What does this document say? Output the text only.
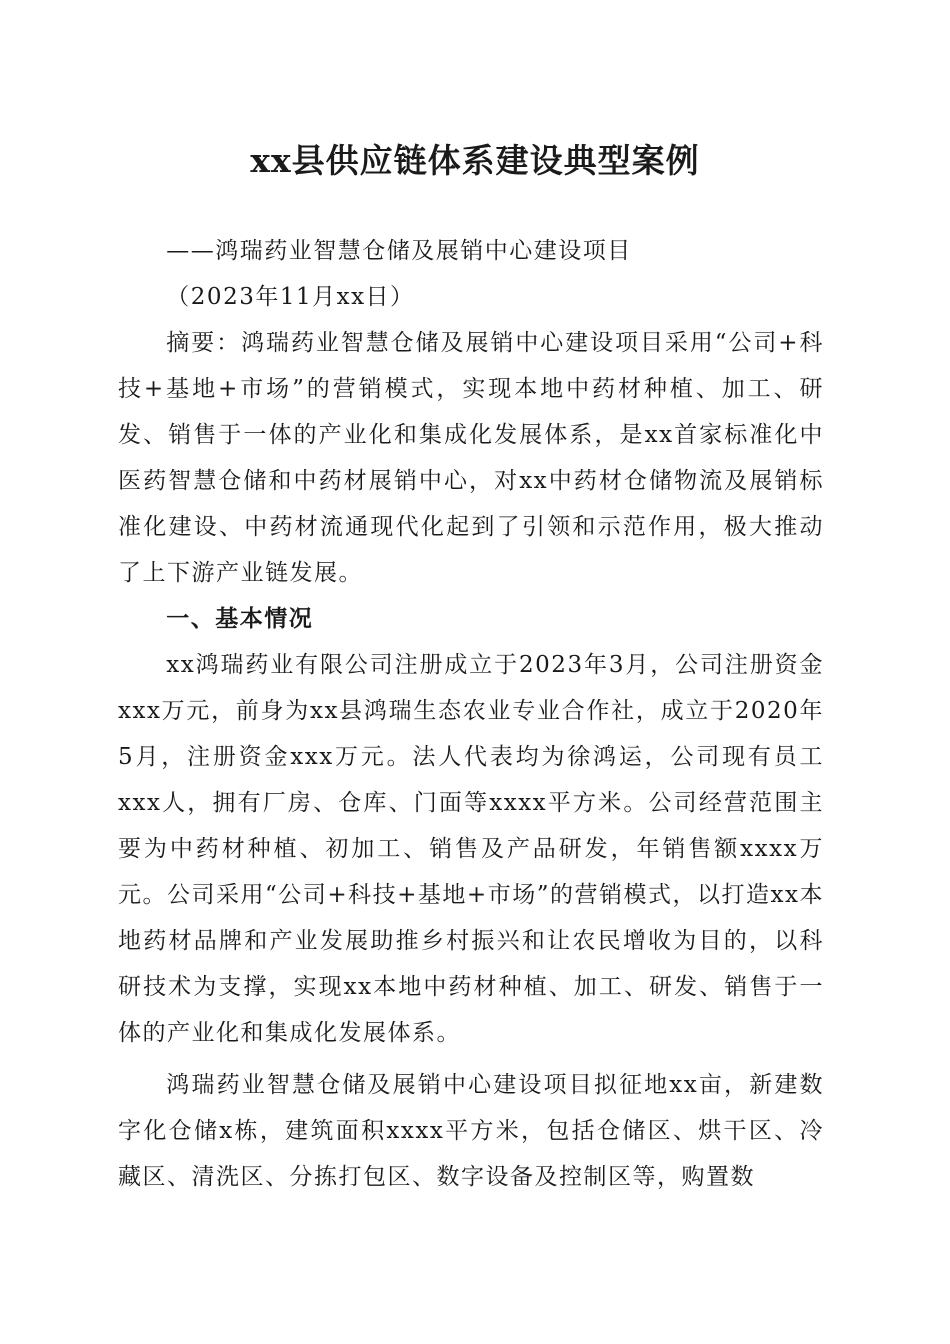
xx县供应链体系建设典型案例

——鸿瑞药业智慧仓储及展销中心建设项目

（2023年11月xx日）

摘要：鸿瑞药业智慧仓储及展销中心建设项目采用“公司+科技+基地+市场”的营销模式，实现本地中药材种植、加工、研发、销售于一体的产业化和集成化发展体系，是xx首家标准化中医药智慧仓储和中药材展销中心，对xx中药材仓储物流及展销标准化建设、中药材流通现代化起到了引领和示范作用，极大推动了上下游产业链发展。

一、基本情况

xx鸿瑞药业有限公司注册成立于2023年3月，公司注册资金xxx万元，前身为xx县鸿瑞生态农业专业合作社，成立于2020年5月，注册资金xxx万元。法人代表均为徐鸿运，公司现有员工xxx人，拥有厂房、仓库、门面等xxxx平方米。公司经营范围主要为中药材种植、初加工、销售及产品研发，年销售额xxxx万元。公司采用“公司+科技+基地+市场”的营销模式，以打造xx本地药材品牌和产业发展助推乡村振兴和让农民增收为目的，以科研技术为支撑，实现xx本地中药材种植、加工、研发、销售于一体的产业化和集成化发展体系。

鸿瑞药业智慧仓储及展销中心建设项目拟征地xx亩，新建数字化仓储x栋，建筑面积xxxx平方米，包括仓储区、烘干区、冷藏区、清洗区、分拣打包区、数字设备及控制区等，购置数
